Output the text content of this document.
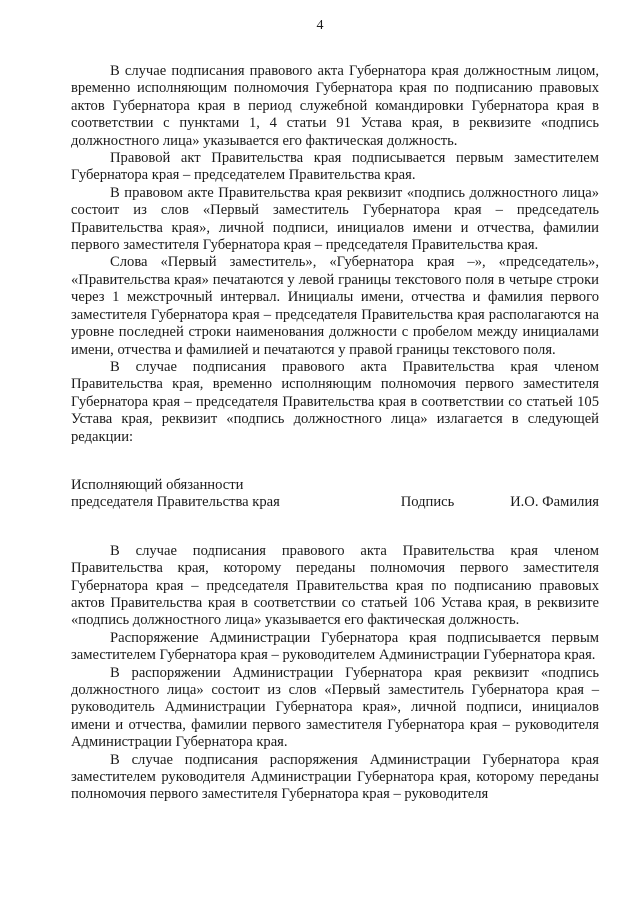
4

В случае подписания правового акта Губернатора края должностным лицом, временно исполняющим полномочия Губернатора края по подписанию правовых актов Губернатора края в период служебной командировки Губернатора края в соответствии с пунктами 1, 4 статьи 91 Устава края, в реквизите «подпись должностного лица» указывается его фактическая должность.

Правовой акт Правительства края подписывается первым заместителем Губернатора края – председателем Правительства края.

В правовом акте Правительства края реквизит «подпись должностного лица» состоит из слов «Первый заместитель Губернатора края – председатель Правительства края», личной подписи, инициалов имени и отчества, фамилии первого заместителя Губернатора края – председателя Правительства края.

Слова «Первый заместитель», «Губернатора края –», «председатель», «Правительства края» печатаются у левой границы текстового поля в четыре строки через 1 межстрочный интервал. Инициалы имени, отчества и фамилия первого заместителя Губернатора края – председателя Правительства края располагаются на уровне последней строки наименования должности с пробелом между инициалами имени, отчества и фамилией и печатаются у правой границы текстового поля.

В случае подписания правового акта Правительства края членом Правительства края, временно исполняющим полномочия первого заместителя Губернатора края – председателя Правительства края в соответствии со статьей 105 Устава края, реквизит «подпись должностного лица» излагается в следующей редакции:

Исполняющий обязанности
председателя Правительства края	Подпись	И.О. Фамилия

В случае подписания правового акта Правительства края членом Правительства края, которому переданы полномочия первого заместителя Губернатора края – председателя Правительства края по подписанию правовых актов Правительства края в соответствии со статьей 106 Устава края, в реквизите «подпись должностного лица» указывается его фактическая должность.

Распоряжение Администрации Губернатора края подписывается первым заместителем Губернатора края – руководителем Администрации Губернатора края.

В распоряжении Администрации Губернатора края реквизит «подпись должностного лица» состоит из слов «Первый заместитель Губернатора края – руководитель Администрации Губернатора края», личной подписи, инициалов имени и отчества, фамилии первого заместителя Губернатора края – руководителя Администрации Губернатора края.

В случае подписания распоряжения Администрации Губернатора края заместителем руководителя Администрации Губернатора края, которому переданы полномочия первого заместителя Губернатора края – руководителя
